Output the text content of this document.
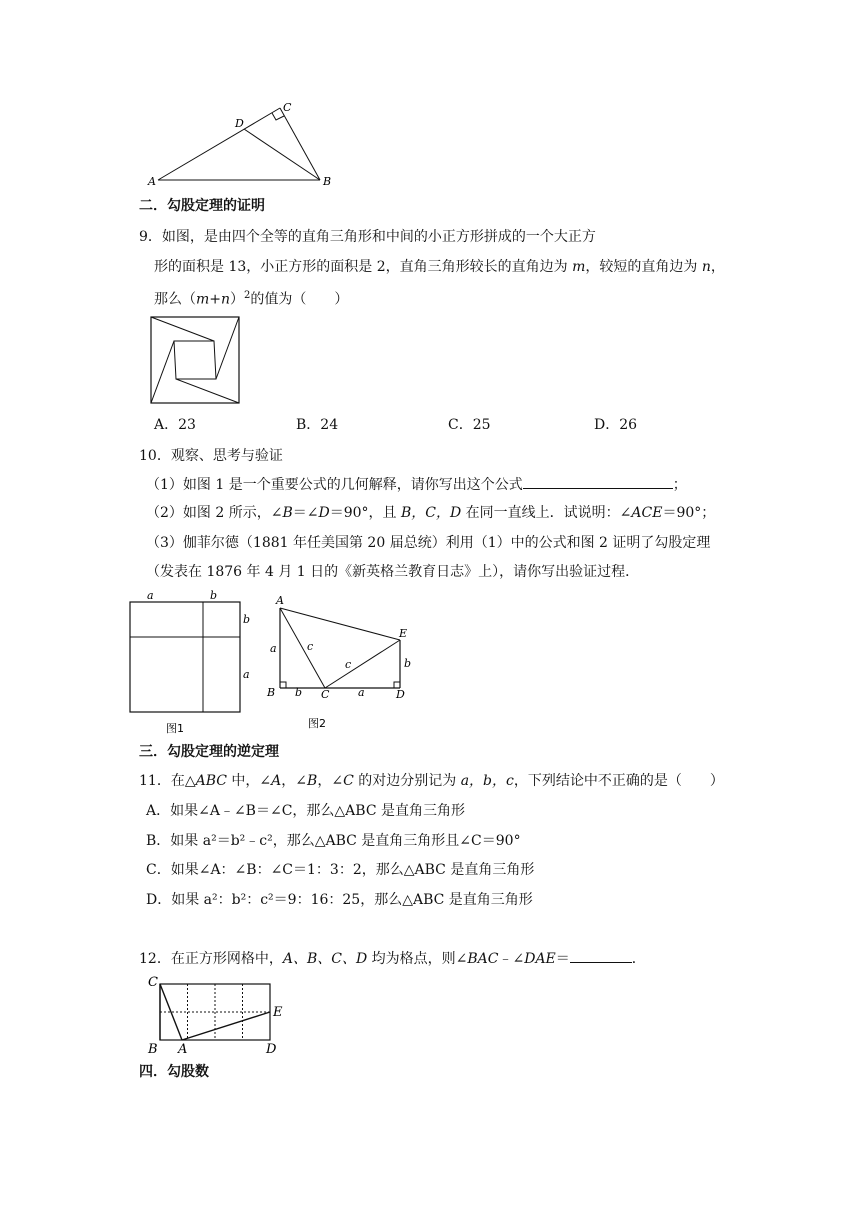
A	B
C
D
二．勾股定理的证明
9．如图，是由四个全等的直角三角形和中间的小正方形拼成的一个大正方
形的面积是 13，小正方形的面积是 2，直角三角形较长的直角边为 m，较短的直角边为 n，
那么$(m+n)^2$的值为（　　）
A．23	B．24	C．25	D．26
10．观察、思考与验证
（1）如图 1 是一个重要公式的几何解释，请你写出这个公式	；
（2）如图 2 所示，∠B＝∠D＝90°，且 B，C，D 在同一直线上．试说明：∠ACE＝90°；
（3）伽菲尔德（1881 年任美国第 20 届总统）利用（1）中的公式和图 2 证明了勾股定理
（发表在 1876 年 4 月 1 日的《新英格兰教育日志》上），请你写出验证过程．
a	b
b
a
图1
A
B	C	D
E
a
b	a
b
c
c
图2
三．勾股定理的逆定理
11．在△ABC 中，∠A，∠B，∠C 的对边分别记为 a，b，c，下列结论中不正确的是（　　）
A．如果∠A﹣∠B＝∠C，那么△ABC 是直角三角形
B．如果 a²＝b²﹣c²，那么△ABC 是直角三角形且∠C＝90°
C．如果∠A：∠B：∠C＝1：3：2，那么△ABC 是直角三角形
D．如果 a²：b²：c²＝9：16：25，那么△ABC 是直角三角形
12．在正方形网格中，A、B、C、D 均为格点，则∠BAC﹣∠DAE＝	．
C
B A	D
E
四．勾股数
